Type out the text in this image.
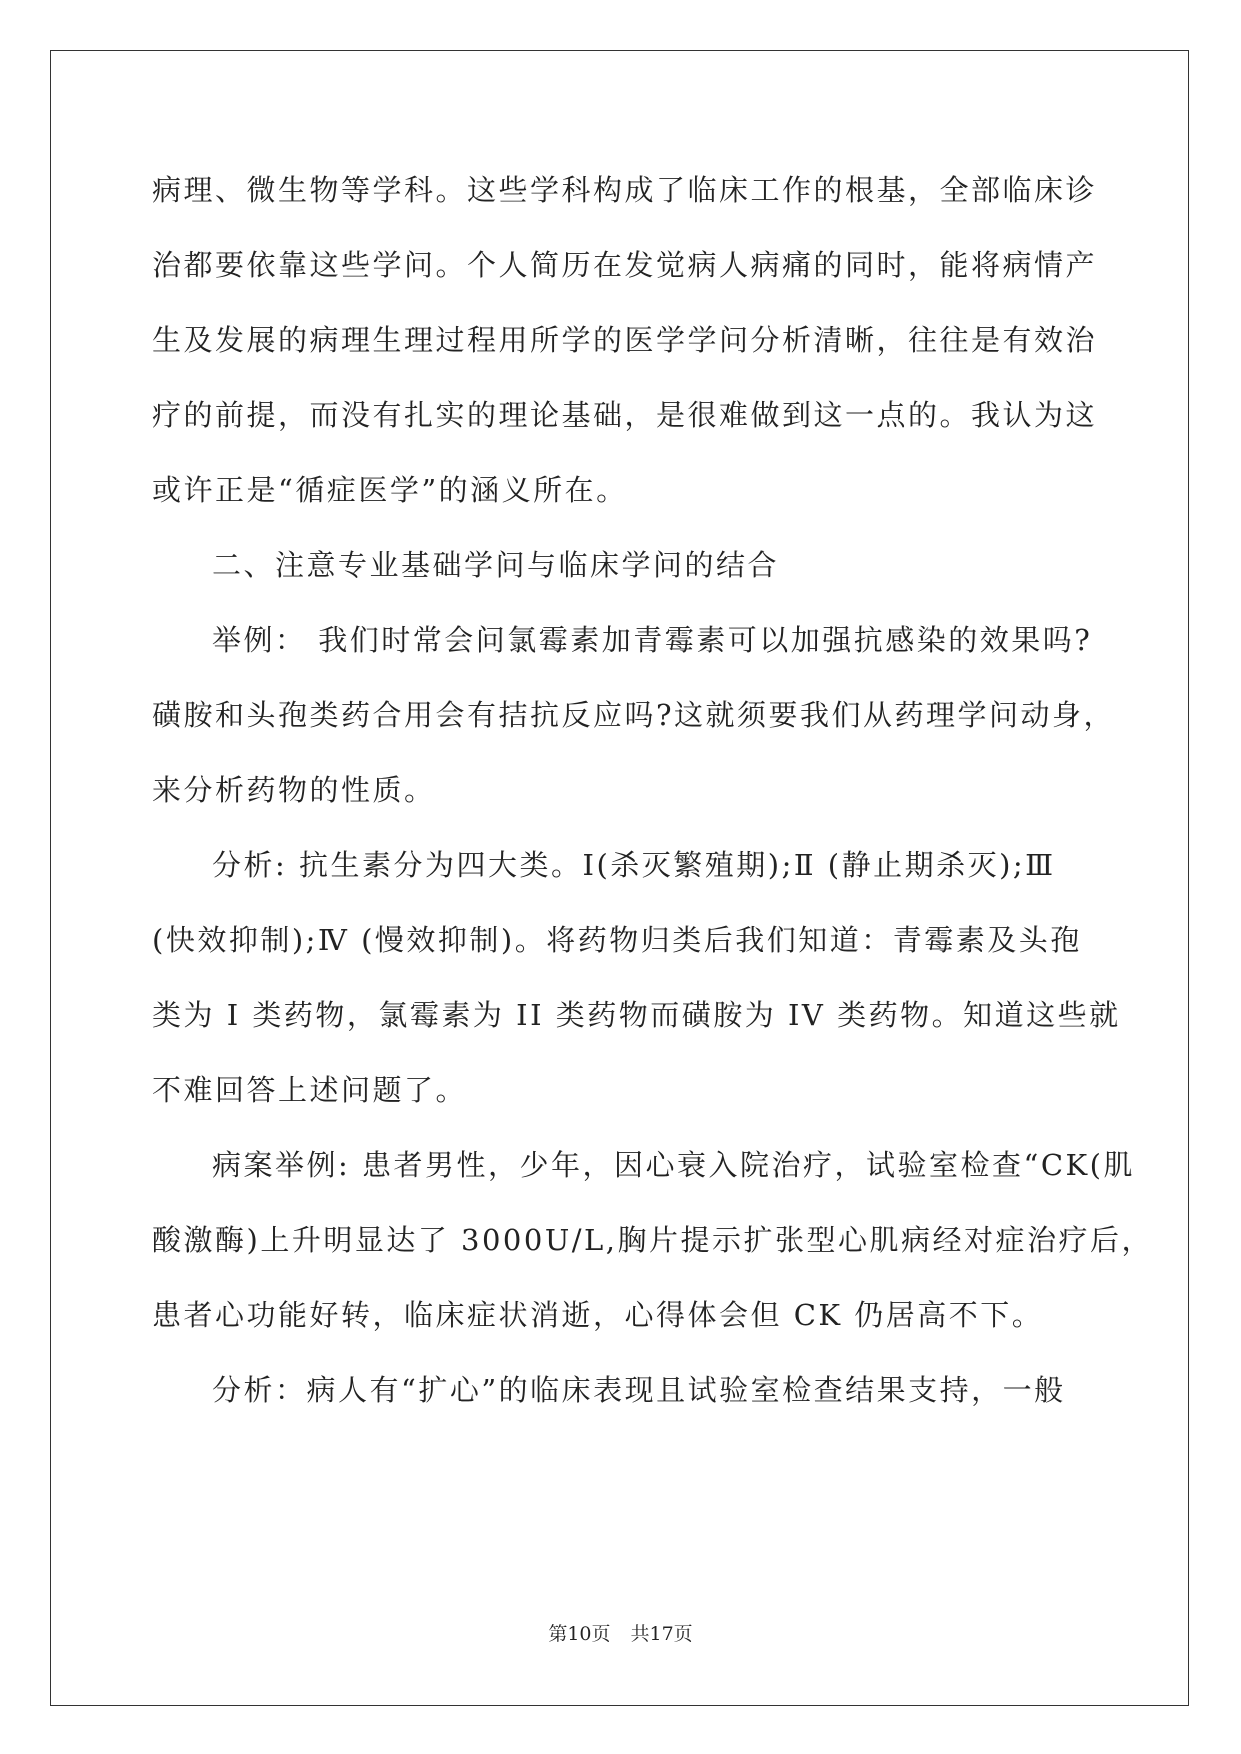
病理、微生物等学科。这些学科构成了临床工作的根基，全部临床诊
治都要依靠这些学问。个人简历在发觉病人病痛的同时，能将病情产
生及发展的病理生理过程用所学的医学学问分析清晰，往往是有效治
疗的前提，而没有扎实的理论基础，是很难做到这一点的。我认为这
或许正是“循症医学”的涵义所在。
二、注意专业基础学问与临床学问的结合
举例： 我们时常会问氯霉素加青霉素可以加强抗感染的效果吗?
磺胺和头孢类药合用会有拮抗反应吗?这就须要我们从药理学问动身，
来分析药物的性质。
分析: 抗生素分为四大类。Ⅰ(杀灭繁殖期);Ⅱ (静止期杀灭);Ⅲ
(快效抑制);Ⅳ (慢效抑制)。将药物归类后我们知道：青霉素及头孢
类为 I 类药物，氯霉素为 II 类药物而磺胺为 IV 类药物。知道这些就
不难回答上述问题了。
病案举例: 患者男性，少年，因心衰入院治疗，试验室检查“CK(肌
酸激酶)上升明显达了 3000U/L,胸片提示扩张型心肌病经对症治疗后，
患者心功能好转，临床症状消逝，心得体会但 CK 仍居高不下。
分析：病人有“扩心”的临床表现且试验室检查结果支持，一般
第10页 共17页
